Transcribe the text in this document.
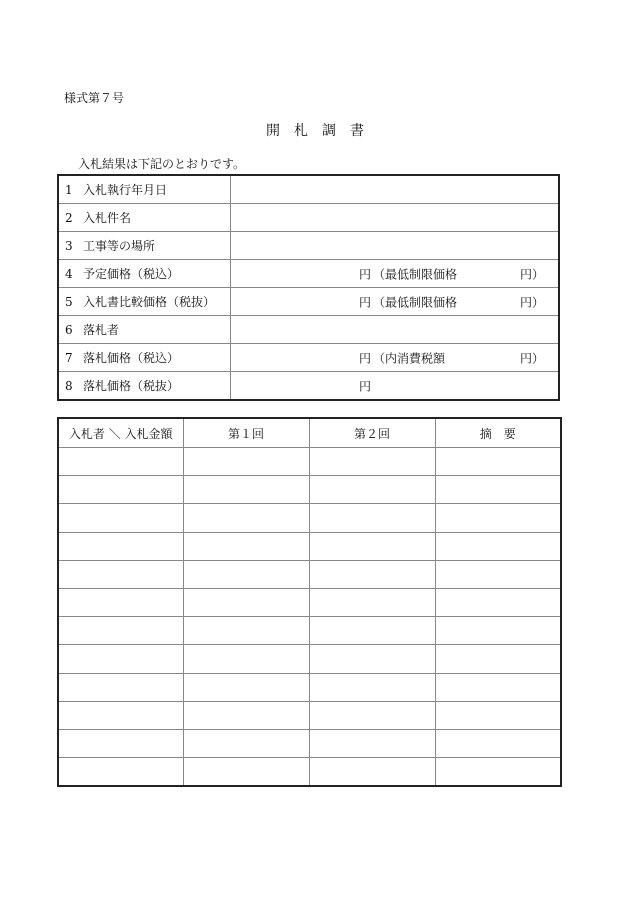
様式第７号
開札調書
入札結果は下記のとおりです。
1 入札執行年月日	
2 入札件名	
3 工事等の場所	
4 予定価格（税込）	円 （最低制限価格 円）

5 入札書比較価格（税抜）	円 （最低制限価格 円）

6 落札者	
7 落札価格（税込）	円 （内消費税額 円）

8 落札価格（税抜）	円
入札者 ＼ 入札金額	第１回	第２回	摘要
